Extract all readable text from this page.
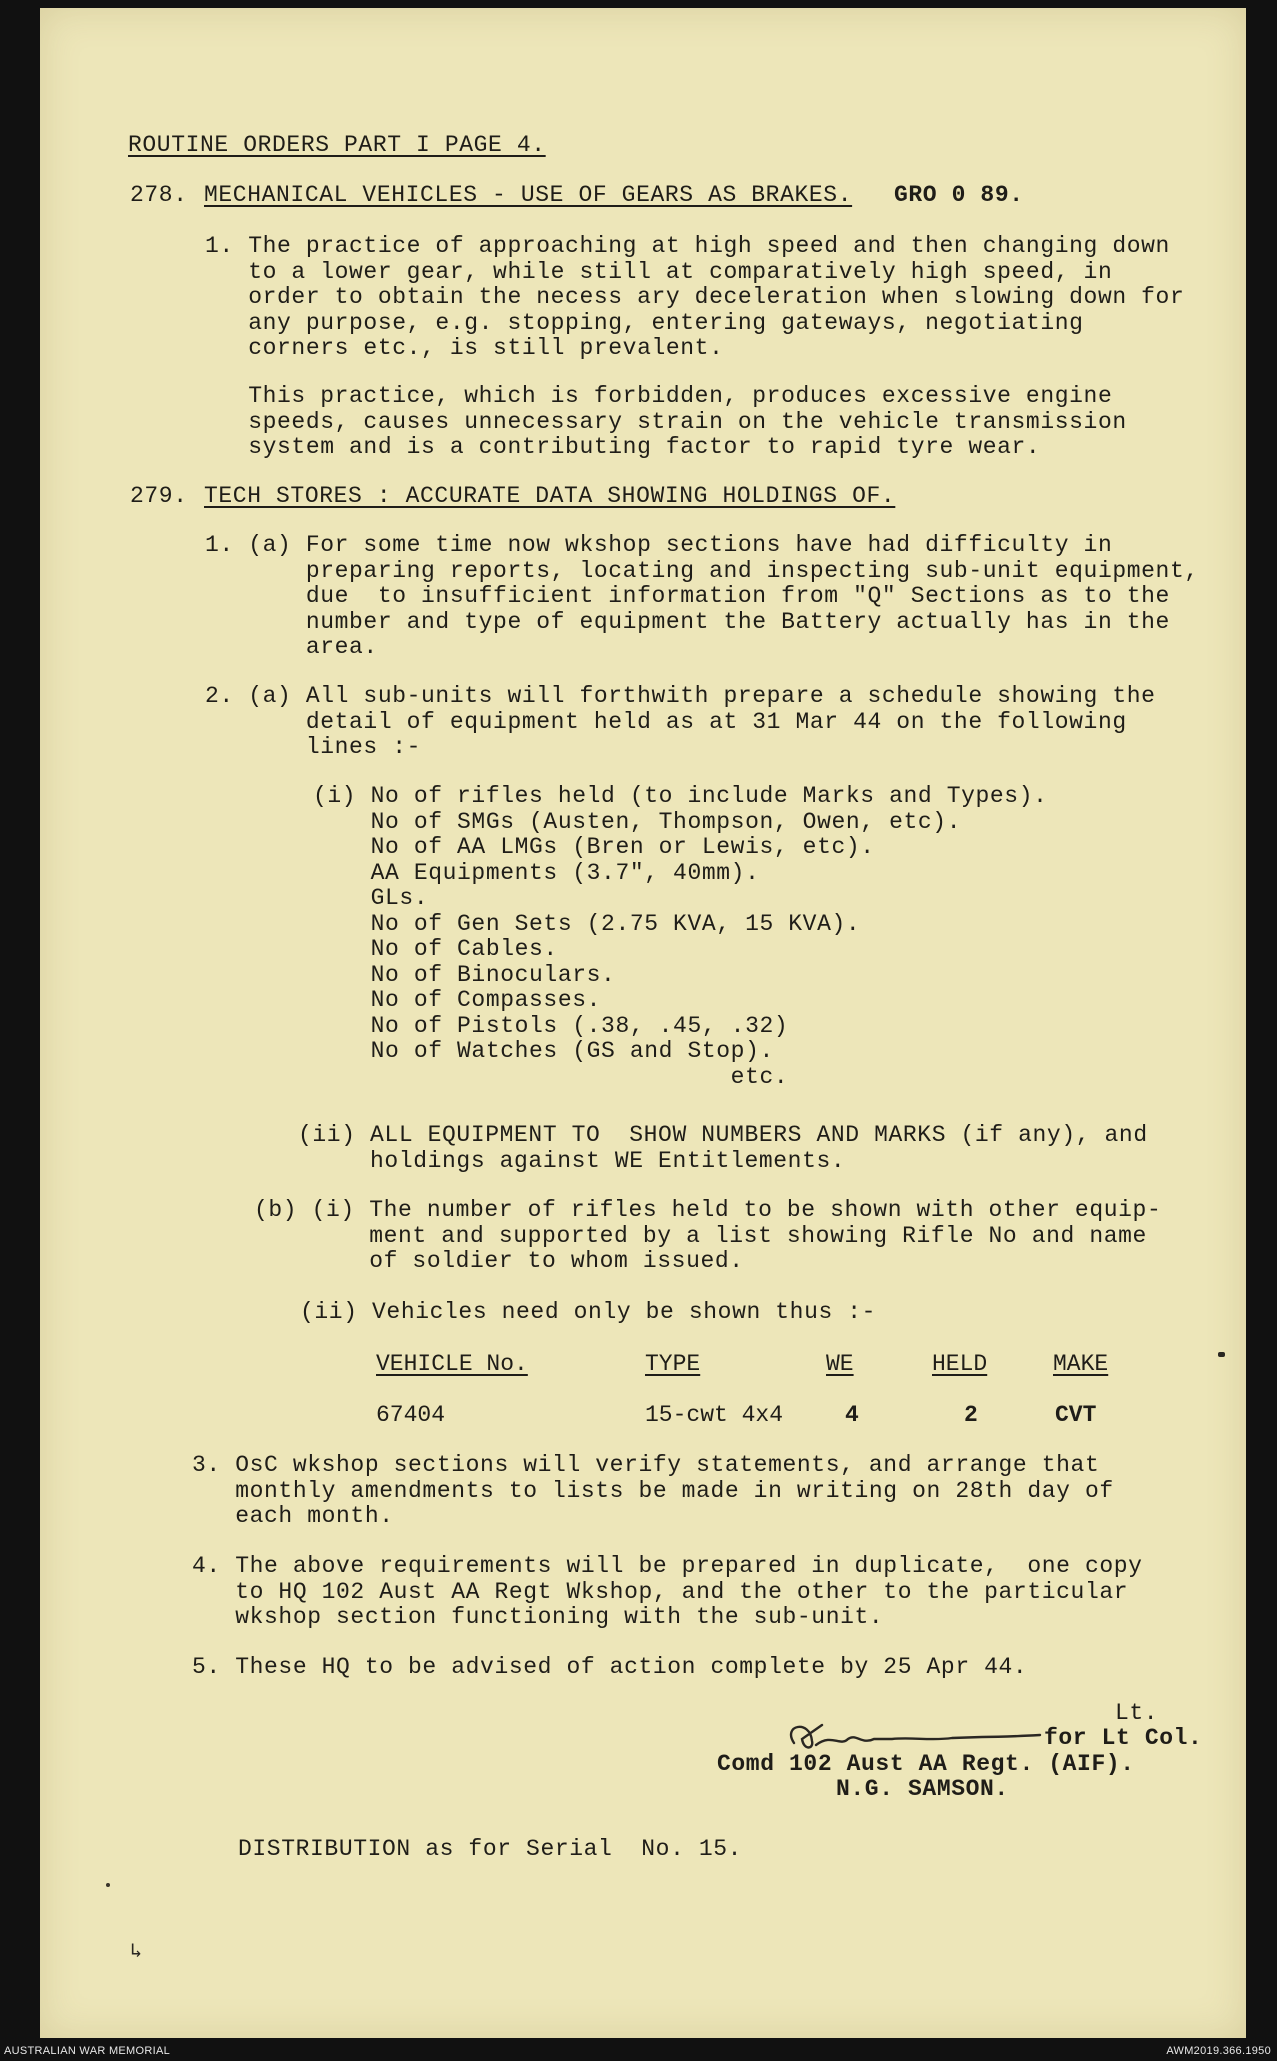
ROUTINE ORDERS PART I PAGE 4.
278. MECHANICAL VEHICLES - USE OF GEARS AS BRAKES. GRO 0 89.
1. The practice of approaching at high speed and then changing down
to a lower gear, while still at comparatively high speed, in
order to obtain the necess ary deceleration when slowing down for
any purpose, e.g. stopping, entering gateways, negotiating
corners etc., is still prevalent.
This practice, which is forbidden, produces excessive engine
speeds, causes unnecessary strain on the vehicle transmission
system and is a contributing factor to rapid tyre wear.
279. TECH STORES : ACCURATE DATA SHOWING HOLDINGS OF.
1. (a) For some time now wkshop sections have had difficulty in
preparing reports, locating and inspecting sub-unit equipment,
due  to insufficient information from "Q" Sections as to the
number and type of equipment the Battery actually has in the
area.
2. (a) All sub-units will forthwith prepare a schedule showing the
detail of equipment held as at 31 Mar 44 on the following
lines :-
(i) No of rifles held (to include Marks and Types).
No of SMGs (Austen, Thompson, Owen, etc).
No of AA LMGs (Bren or Lewis, etc).
AA Equipments (3.7", 40mm).
GLs.
No of Gen Sets (2.75 KVA, 15 KVA).
No of Cables.
No of Binoculars.
No of Compasses.
No of Pistols (.38, .45, .32)
No of Watches (GS and Stop).
etc.
(ii) ALL EQUIPMENT TO  SHOW NUMBERS AND MARKS (if any), and
holdings against WE Entitlements.
(b) (i) The number of rifles held to be shown with other equip-
ment and supported by a list showing Rifle No and name
of soldier to whom issued.
(ii) Vehicles need only be shown thus :-
VEHICLE No.	TYPE	WE	HELD	MAKE
67404	15-cwt 4x4	4	2	CVT
3. OsC wkshop sections will verify statements, and arrange that
monthly amendments to lists be made in writing on 28th day of
each month.
4. The above requirements will be prepared in duplicate,  one copy
to HQ 102 Aust AA Regt Wkshop, and the other to the particular
wkshop section functioning with the sub-unit.
5. These HQ to be advised of action complete by 25 Apr 44.
Lt.
for Lt Col.
Comd 102 Aust AA Regt. (AIF).
N.G. SAMSON.
DISTRIBUTION as for Serial  No. 15.
↳
AUSTRALIAN WAR MEMORIAL	AWM2019.366.1950
